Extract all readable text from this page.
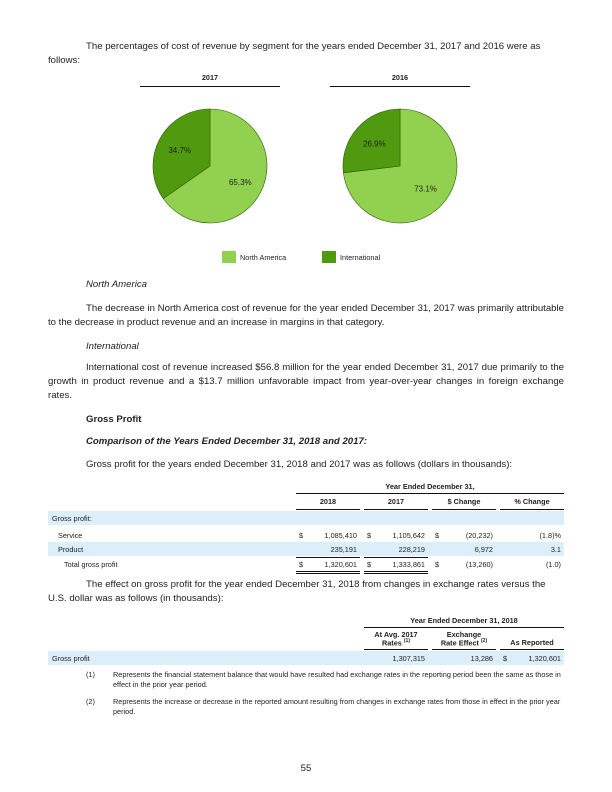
The percentages of cost of revenue by segment for the years ended December 31, 2017 and 2016 were as follows:
2017	2016
65.3%
34.7%
73.1%
26.9%
North America	International
North America
The decrease in North America cost of revenue for the year ended December 31, 2017 was primarily attributable to the decrease in product revenue and an increase in margins in that category.
International
International cost of revenue increased $56.8 million for the year ended December 31, 2017 due primarily to the growth in product revenue and a $13.7 million unfavorable impact from year-over-year changes in foreign exchange rates.
Gross Profit
Comparison of the Years Ended December 31, 2018 and 2017:
Gross profit for the years ended December 31, 2018 and 2017 was as follows (dollars in thousands):
Year Ended December 31,
2018	2017	$ Change	% Change
Gross profit:
Service	$	1,085,410 $	1,105,642 $	(20,232)	(1.8)%
Product	235,191	228,219	6,972	3.1
Total gross profit	$	1,320,601 $	1,333,861 $	(13,260)	(1.0)
The effect on gross profit for the year ended December 31, 2018 from changes in exchange rates versus the U.S. dollar was as follows (in thousands):
Year Ended December 31, 2018
At Avg. 2017
Rates $^{(1)}$
Exchange
Rate Effect $^{(2)}$	As Reported
Gross profit	1,307,315	13,286 $	1,320,601
(1) Represents the financial statement balance that would have resulted had exchange rates in the reporting period been the same as those in effect in the prior year period.
(2) Represents the increase or decrease in the reported amount resulting from changes in exchange rates from those in effect in the prior year period.
55
